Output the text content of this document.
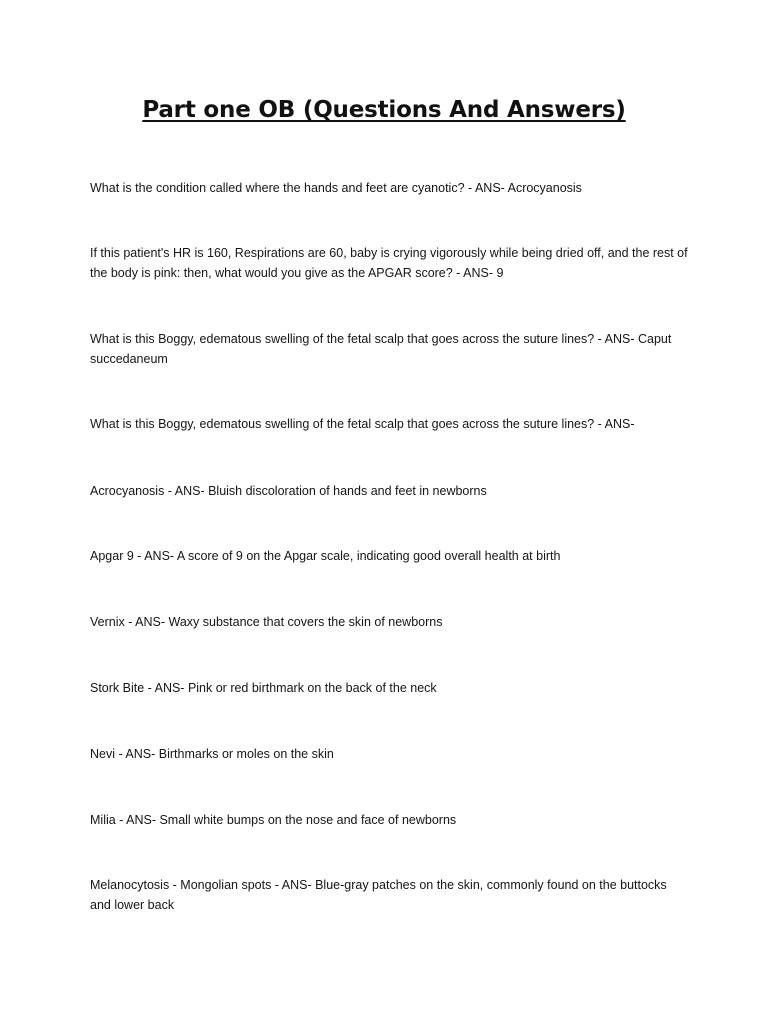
Part one OB (Questions And Answers)

What is the condition called where the hands and feet are cyanotic? - ANS- Acrocyanosis

If this patient's HR is 160, Respirations are 60, baby is crying vigorously while being dried off, and the rest of the body is pink: then, what would you give as the APGAR score? - ANS- 9

What is this Boggy, edematous swelling of the fetal scalp that goes across the suture lines? - ANS- Caput succedaneum

What is this Boggy, edematous swelling of the fetal scalp that goes across the suture lines? - ANS-

Acrocyanosis - ANS- Bluish discoloration of hands and feet in newborns

Apgar 9 - ANS- A score of 9 on the Apgar scale, indicating good overall health at birth

Vernix - ANS- Waxy substance that covers the skin of newborns

Stork Bite - ANS- Pink or red birthmark on the back of the neck

Nevi - ANS- Birthmarks or moles on the skin

Milia - ANS- Small white bumps on the nose and face of newborns

Melanocytosis - Mongolian spots - ANS- Blue-gray patches on the skin, commonly found on the buttocks and lower back
